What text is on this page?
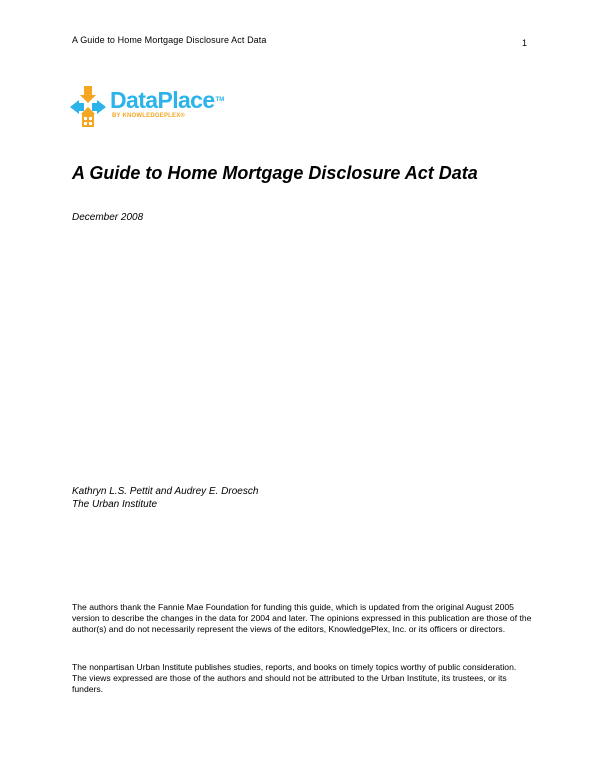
A Guide to Home Mortgage Disclosure Act Data	1
DataPlace™
BY KNOWLEDGEPLEX®
A Guide to Home Mortgage Disclosure Act Data
December 2008
Kathryn L.S. Pettit and Audrey E. Droesch
The Urban Institute

The authors thank the Fannie Mae Foundation for funding this guide, which is updated from the original August 2005 version to describe the changes in the data for 2004 and later. The opinions expressed in this publication are those of the author(s) and do not necessarily represent the views of the editors, KnowledgePlex, Inc. or its officers or directors.

The nonpartisan Urban Institute publishes studies, reports, and books on timely topics worthy of public consideration. The views expressed are those of the authors and should not be attributed to the Urban Institute, its trustees, or its funders.
